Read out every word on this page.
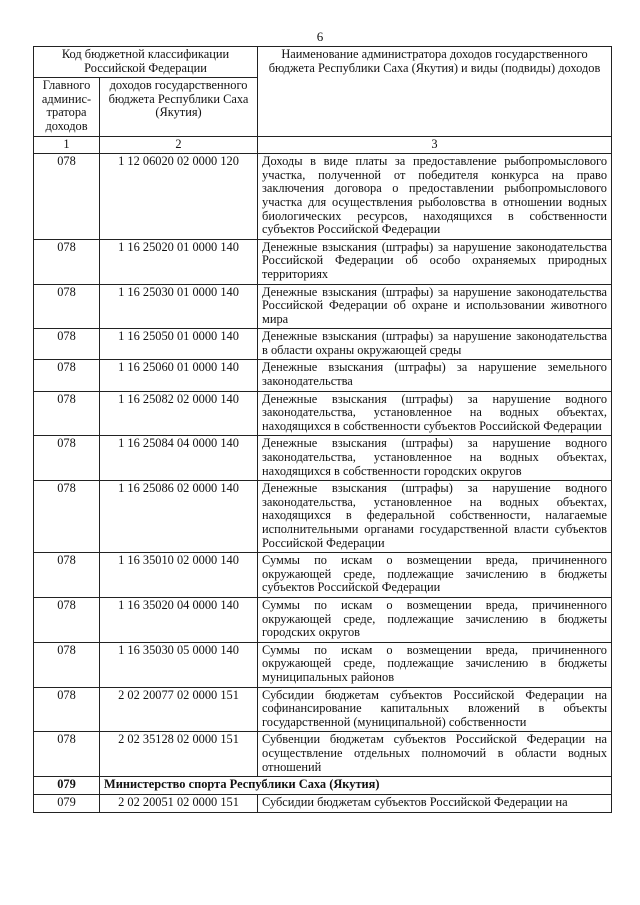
6
Код бюджетной классификации Российской Федерации		Наименование администратора доходов государственного бюджета Республики Саха (Якутия) и виды (подвиды) доходов
Главного админис-тратора доходов	доходов государственного бюджета Республики Саха (Якутия)	
1	2	3
078	1 12 06020 02 0000 120	Доходы в виде платы за предоставление рыбопромыслового участка, полученной от победителя конкурса на право заключения договора о предоставлении рыбопромыслового участка для осуществления рыболовства в отношении водных биологических ресурсов, находящихся в собственности субъектов Российской Федерации
078	1 16 25020 01 0000 140	Денежные взыскания (штрафы) за нарушение законодательства Российской Федерации об особо охраняемых природных территориях
078	1 16 25030 01 0000 140	Денежные взыскания (штрафы) за нарушение законодательства Российской Федерации об охране и использовании животного мира
078	1 16 25050 01 0000 140	Денежные взыскания (штрафы) за нарушение законодательства в области охраны окружающей среды
078	1 16 25060 01 0000 140	Денежные взыскания (штрафы) за нарушение земельного законодательства
078	1 16 25082 02 0000 140	Денежные взыскания (штрафы) за нарушение водного законодательства, установленное на водных объектах, находящихся в собственности субъектов Российской Федерации
078	1 16 25084 04 0000 140	Денежные взыскания (штрафы) за нарушение водного законодательства, установленное на водных объектах, находящихся в собственности городских округов
078	1 16 25086 02 0000 140	Денежные взыскания (штрафы) за нарушение водного законодательства, установленное на водных объектах, находящихся в федеральной собственности, налагаемые исполнительными органами государственной власти субъектов Российской Федерации
078	1 16 35010 02 0000 140	Суммы по искам о возмещении вреда, причиненного окружающей среде, подлежащие зачислению в бюджеты субъектов Российской Федерации
078	1 16 35020 04 0000 140	Суммы по искам о возмещении вреда, причиненного окружающей среде, подлежащие зачислению в бюджеты городских округов
078	1 16 35030 05 0000 140	Суммы по искам о возмещении вреда, причиненного окружающей среде, подлежащие зачислению в бюджеты муниципальных районов
078	2 02 20077 02 0000 151	Субсидии бюджетам субъектов Российской Федерации на софинансирование капитальных вложений в объекты государственной (муниципальной) собственности
078	2 02 35128 02 0000 151	Субвенции бюджетам субъектов Российской Федерации на осуществление отдельных полномочий в области водных отношений
079	Министерство спорта Республики Саха (Якутия)	
079	2 02 20051 02 0000 151	Субсидии бюджетам субъектов Российской Федерации на
